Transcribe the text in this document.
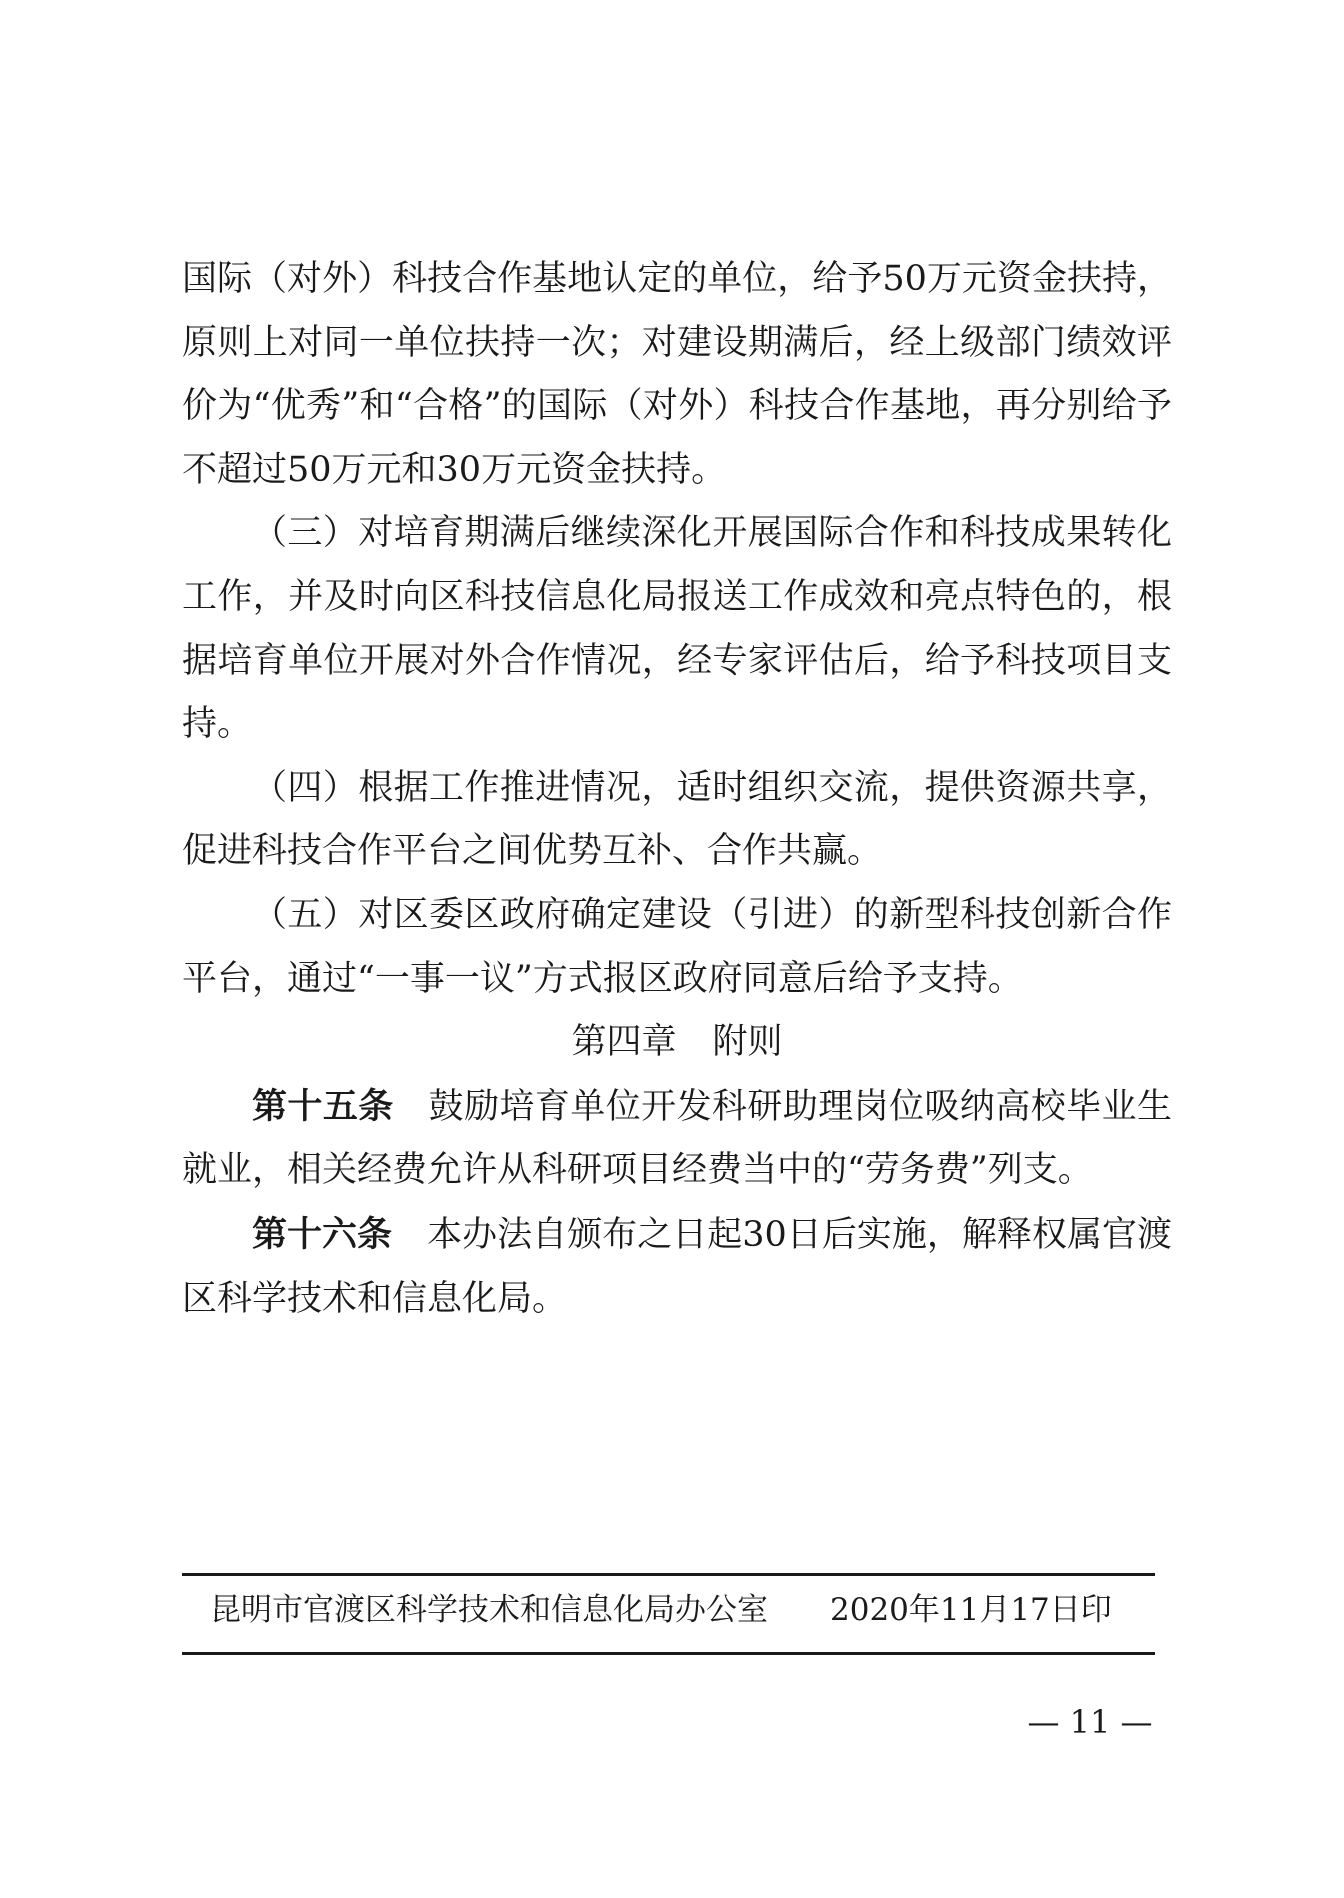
国际（对外）科技合作基地认定的单位，给予50万元资金扶持，原则上对同一单位扶持一次；对建设期满后，经上级部门绩效评价为“优秀”和“合格”的国际（对外）科技合作基地，再分别给予不超过50万元和30万元资金扶持。

（三）对培育期满后继续深化开展国际合作和科技成果转化工作，并及时向区科技信息化局报送工作成效和亮点特色的，根据培育单位开展对外合作情况，经专家评估后，给予科技项目支持。

（四）根据工作推进情况，适时组织交流，提供资源共享，促进科技合作平台之间优势互补、合作共赢。

（五）对区委区政府确定建设（引进）的新型科技创新合作平台，通过“一事一议”方式报区政府同意后给予支持。

第四章 附则

第十五条 鼓励培育单位开发科研助理岗位吸纳高校毕业生就业，相关经费允许从科研项目经费当中的“劳务费”列支。

第十六条 本办法自颁布之日起30日后实施，解释权属官渡区科学技术和信息化局。

昆明市官渡区科学技术和信息化局办公室 2020年11月17日印
— 11 —
